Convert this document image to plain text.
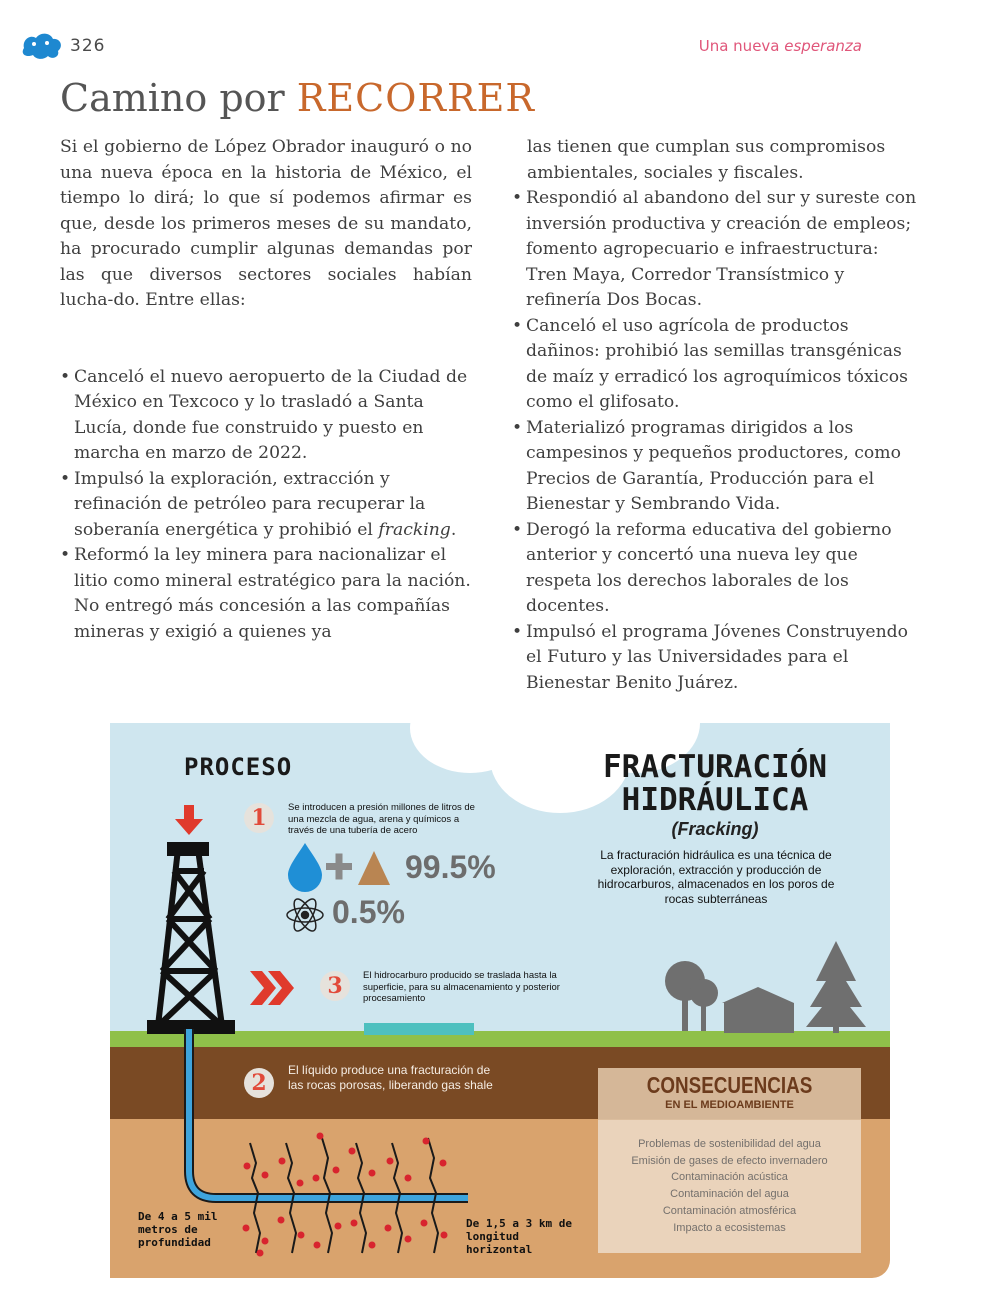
326	Una nueva esperanza
Camino por RECORRER

Si el gobierno de López Obrador inauguró o no una nueva época en la historia de México, el tiempo lo dirá; lo que sí podemos afirmar es que, desde los primeros meses de su mandato, ha procurado cumplir algunas demandas por las que diversos sectores sociales habían lucha-do. Entre ellas:

• Canceló el nuevo aeropuerto de la Ciudad de México en Texcoco y lo trasladó a Santa Lucía, donde fue construido y puesto en marcha en marzo de 2022.
• Impulsó la exploración, extracción y refinación de petróleo para recuperar la soberanía energética y prohibió el fracking.
• Reformó la ley minera para nacionalizar el litio como mineral estratégico para la nación. No entregó más concesión a las compañías mineras y exigió a quienes ya
las tienen que cumplan sus compromisos ambientales, sociales y fiscales.
• Respondió al abandono del sur y sureste con inversión productiva y creación de empleos; fomento agropecuario e infraestructura: Tren Maya, Corredor Transístmico y refinería Dos Bocas.
• Canceló el uso agrícola de productos dañinos: prohibió las semillas transgénicas de maíz y erradicó los agroquímicos tóxicos como el glifosato.
• Materializó programas dirigidos a los campesinos y pequeños productores, como Precios de Garantía, Producción para el Bienestar y Sembrando Vida.
• Derogó la reforma educativa del gobierno anterior y concertó una nueva ley que respeta los derechos laborales de los docentes.
• Impulsó el programa Jóvenes Construyendo el Futuro y las Universidades para el Bienestar Benito Juárez.
PROCESO	FRACTURACIÓN
HIDRÁULICA
(Fracking)
La fracturación hidráulica es una técnica de exploración, extracción y producción de hidrocarburos, almacenados en los poros de rocas subterráneas
1	Se introducen a presión millones de litros de una mezcla de agua, arena y químicos a través de una tubería de acero
99.5%
0.5%
3	El hidrocarburo producido se traslada hasta la superficie, para su almacenamiento y posterior procesamiento
2	El líquido produce una fracturación de las rocas porosas, liberando gas shale
De 4 a 5 mil metros de profundidad
De 1,5 a 3 km de longitud horizontal
CONSECUENCIAS
EN EL MEDIOAMBIENTE
Problemas de sostenibilidad del agua
Emisión de gases de efecto invernadero
Contaminación acústica
Contaminación del agua
Contaminación atmosférica
Impacto a ecosistemas
